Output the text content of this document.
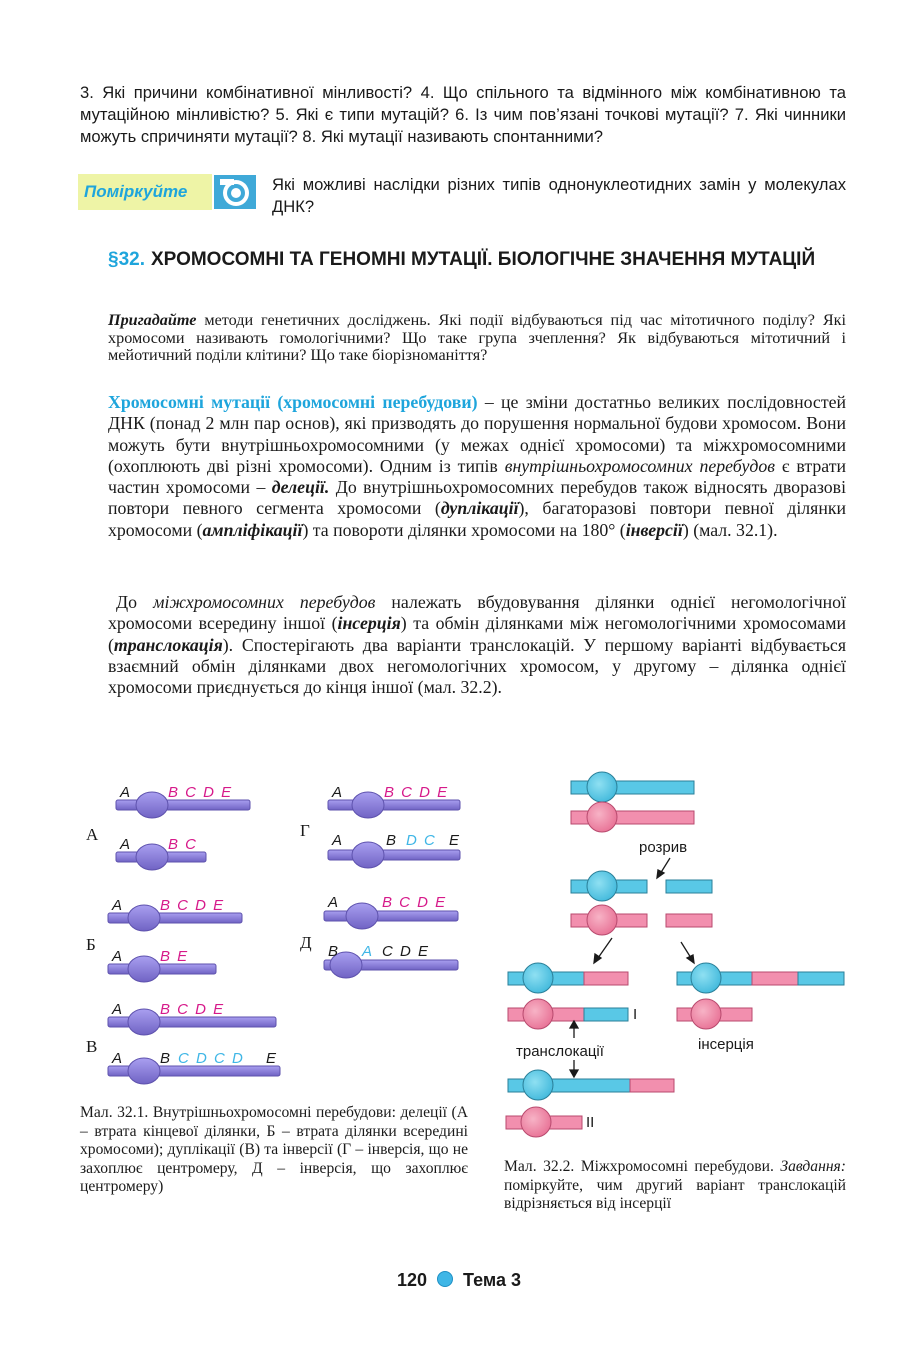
3. Які причини комбінативної мінливості? 4. Що спільного та відмінного між комбінативною та мутаційною мінливістю? 5. Які є типи мутацій? 6. Із чим пов’язані точкові мутації? 7. Які чинники можуть спричиняти мутації? 8. Які мутації називають спонтанними?
Поміркуйте	Які можливі наслідки різних типів однонуклеотидних замін у молекулах ДНК?
§32. ХРОМОСОМНІ ТА ГЕНОМНІ МУТАЦІЇ. БІОЛОГІЧНЕ ЗНАЧЕННЯ МУТАЦІЙ
Пригадайте методи генетичних досліджень. Які події відбуваються під час мітотичного поділу? Які хромосоми називають гомологічними? Що таке група зчеплення? Як відбуваються мітотичний і мейотичний поділи клітини? Що таке біорізноманіття?
Хромосомні мутації (хромосомні перебудови) – це зміни достатньо великих послідовностей ДНК (понад 2 млн пар основ), які призводять до порушення нормальної будови хромосом. Вони можуть бути внутрішньохромосомними (у межах однієї хромосоми) та міжхромосомними (охоплюють дві різні хромосоми). Одним із типів внутрішньохромосомних перебудов є втрати частин хромосоми – делеції. До внутрішньохромосомних перебудов також відносять дворазові повтори певного сегмента хромосоми (дуплікації), багаторазові повтори певної ділянки хромосоми (ампліфікації) та повороти ділянки хромосоми на 180° (інверсії) (мал. 32.1).
До міжхромосомних перебудов належать вбудовування ділянки однієї негомологічної хромосоми всередину іншої (інсерція) та обмін ділянками між негомологічними хромосомами (транслокація). Спостерігають два варіанти транслокацій. У першому варіанті відбувається взаємний обмін ділянками двох негомологічних хромосом, у другому – ділянка однієї хромосоми приєднується до кінця іншої (мал. 32.2).
А
Б
В
Г
Д
A	B C D E
A	B C
A	B C D E
A	B E
A	B C D E
A	B C D C D E
A	B C D E
A	B D C E
A	B C D E
B A C D E
розрив
транслокації	інсерція
I
II
Мал. 32.1. Внутрішньохромосомні перебудови: делеції (А – втрата кінцевої ділянки, Б – втрата ділянки всередині хромосоми); дуплікації (В) та інверсії (Г – інверсія, що не захоплює центромеру, Д – інверсія, що захоплює центромеру)
Мал. 32.2. Міжхромосомні перебудови. Завдання: поміркуйте, чим другий варіант транслокацій відрізняється від інсерції
120 Тема 3
